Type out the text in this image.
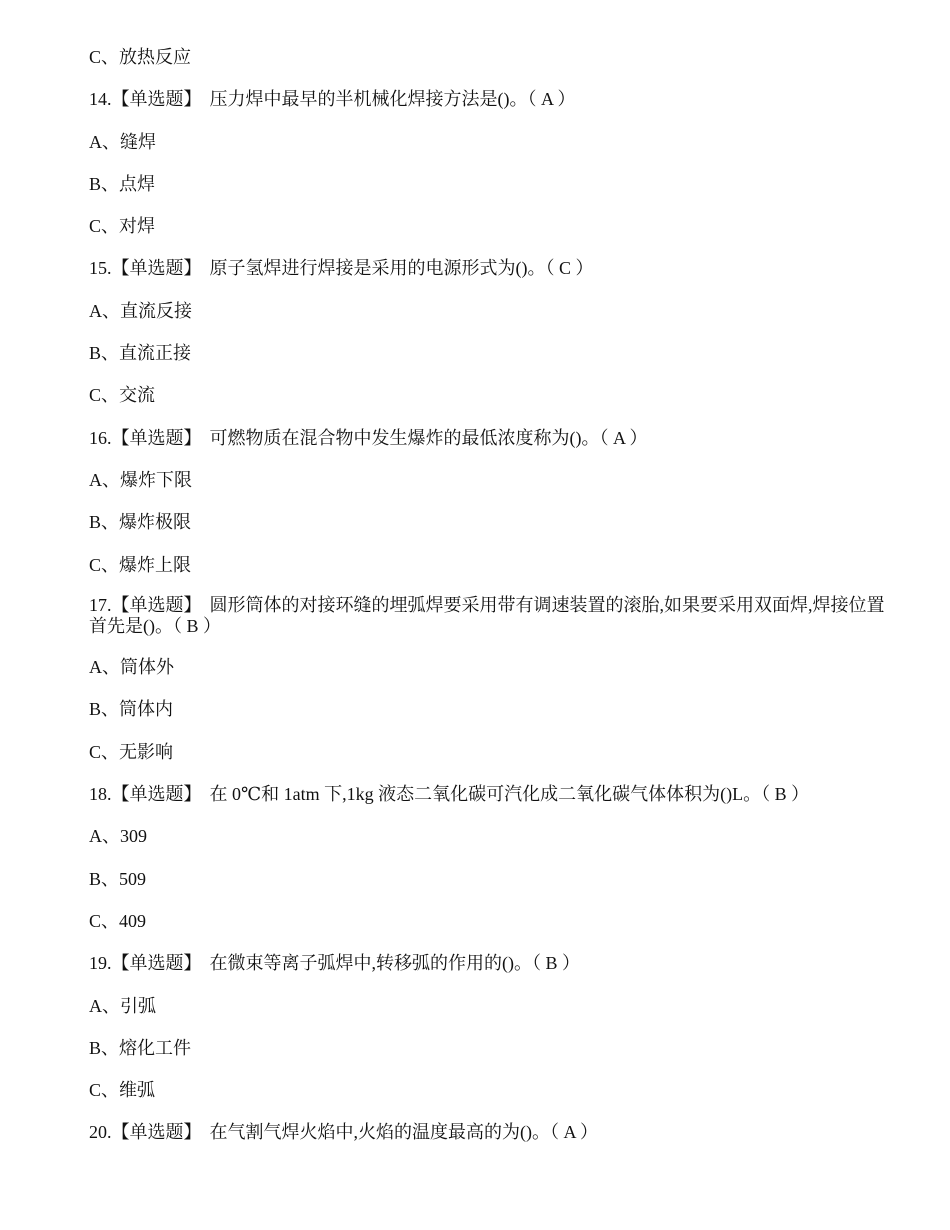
C、放热反应
14.【单选题】 压力焊中最早的半机械化焊接方法是()。（ A ）
A、缝焊
B、点焊
C、对焊
15.【单选题】 原子氢焊进行焊接是采用的电源形式为()。（ C ）
A、直流反接
B、直流正接
C、交流
16.【单选题】 可燃物质在混合物中发生爆炸的最低浓度称为()。（ A ）
A、爆炸下限
B、爆炸极限
C、爆炸上限
17.【单选题】 圆形筒体的对接环缝的埋弧焊要采用带有调速装置的滚胎,如果要采用双面焊,焊接位置首先是()。（ B ）
A、筒体外
B、筒体内
C、无影响
18.【单选题】 在 0℃和 1atm 下,1kg 液态二氧化碳可汽化成二氧化碳气体体积为()L。（ B ）
A、309
B、509
C、409
19.【单选题】 在微束等离子弧焊中,转移弧的作用的()。（ B ）
A、引弧
B、熔化工件
C、维弧
20.【单选题】 在气割气焊火焰中,火焰的温度最高的为()。（ A ）
